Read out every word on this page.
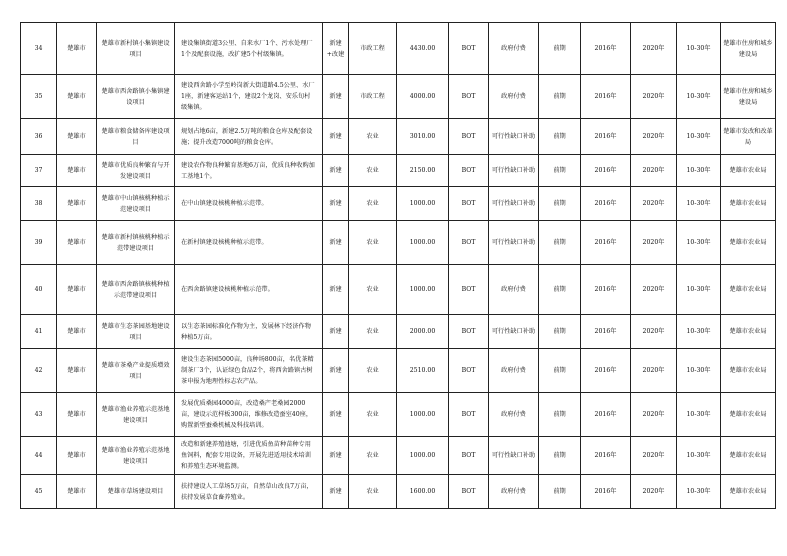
34	楚雄市	楚雄市新村镇小集镇建设项目	建设集镇街道3公里、自来水厂1个、污水处理厂1个及配套设施，改扩建5个村级集镇。	新建+改建	市政工程	4430.00	BOT	政府付费	前期	2016年	2020年	10-30年	楚雄市住房和城乡建设局
35	楚雄市	楚雄市西舍路镇小集镇建设项目	建设西舍路小学至岭岗新大街道路4.5公里、水厂1座，新建客运站1个，建设2个龙岗、安乐旬村级集镇。	新建	市政工程	4000.00	BOT	政府付费	前期	2016年	2020年	10-30年	楚雄市住房和城乡建设局
36	楚雄市	楚雄市粮食储备库建设项目	规划占地6亩，新建2.5万吨的粮食仓库及配套设施；提升改造7000吨的粮食仓库。	新建	农业	3010.00	BOT	可行性缺口补助	前期	2016年	2020年	10-30年	楚雄市发改和改革局
37	楚雄市	楚雄市优质良种繁育与开发建设项目	建设农作物良种繁育基地6万亩，优质良种收购加工基地1个。	新建	农业	2150.00	BOT	可行性缺口补助	前期	2016年	2020年	10-30年	楚雄市农业局
38	楚雄市	楚雄市中山镇核桃种植示范建设项目	在中山镇建设核桃种植示范带。	新建	农业	1000.00	BOT	可行性缺口补助	前期	2016年	2020年	10-30年	楚雄市农业局
39	楚雄市	楚雄市新村镇核桃种植示范带建设项目	在新村镇建设核桃种植示范带。	新建	农业	1000.00	BOT	可行性缺口补助	前期	2016年	2020年	10-30年	楚雄市农业局
40	楚雄市	楚雄市西舍路镇核桃种植示范带建设项目	在西舍路镇建设核桃种植示范带。	新建	农业	1000.00	BOT	政府付费	前期	2016年	2020年	10-30年	楚雄市农业局
41	楚雄市	楚雄市生态茶园基地建设项目	以生态茶园标准化作物为主，发展林下经济作物种植5万亩。	新建	农业	2000.00	BOT	可行性缺口补助	前期	2016年	2020年	10-30年	楚雄市农业局
42	楚雄市	楚雄市茶桑产业提质增效项目	建设生态茶园5000亩，良种场800亩，名优茶精制茶厂3个，认证绿色食品2个，将西舍路镇古树茶申报为地理性标志农产品。	新建	农业	2510.00	BOT	政府付费	前期	2016年	2020年	10-30年	楚雄市农业局
43	楚雄市	楚雄市渔业养殖示范基地建设项目	发展优质桑园4000亩，改造桑产老桑园2000亩，建设示范样板300亩，维修改造蚕室40座，购置新型蚕桑机械及科技培训。	新建	农业	1000.00	BOT	政府付费	前期	2016年	2020年	10-30年	楚雄市农业局
44	楚雄市	楚雄市渔业养殖示范基地建设项目	改造和新建养殖池塘，引进优质鱼苗种苗种专用鱼饲料，配套专用设备，开展先进适用技术培训和养殖生态环境监测。	新建	农业	1000.00	BOT	可行性缺口补助	前期	2016年	2020年	10-30年	楚雄市农业局
45	楚雄市	楚雄市草场建设项目	扶持建设人工草场5万亩，自然草山改良7万亩，扶持发展草食畜养殖业。	新建	农业	1600.00	BOT	政府付费	前期	2016年	2020年	10-30年	楚雄市农业局
